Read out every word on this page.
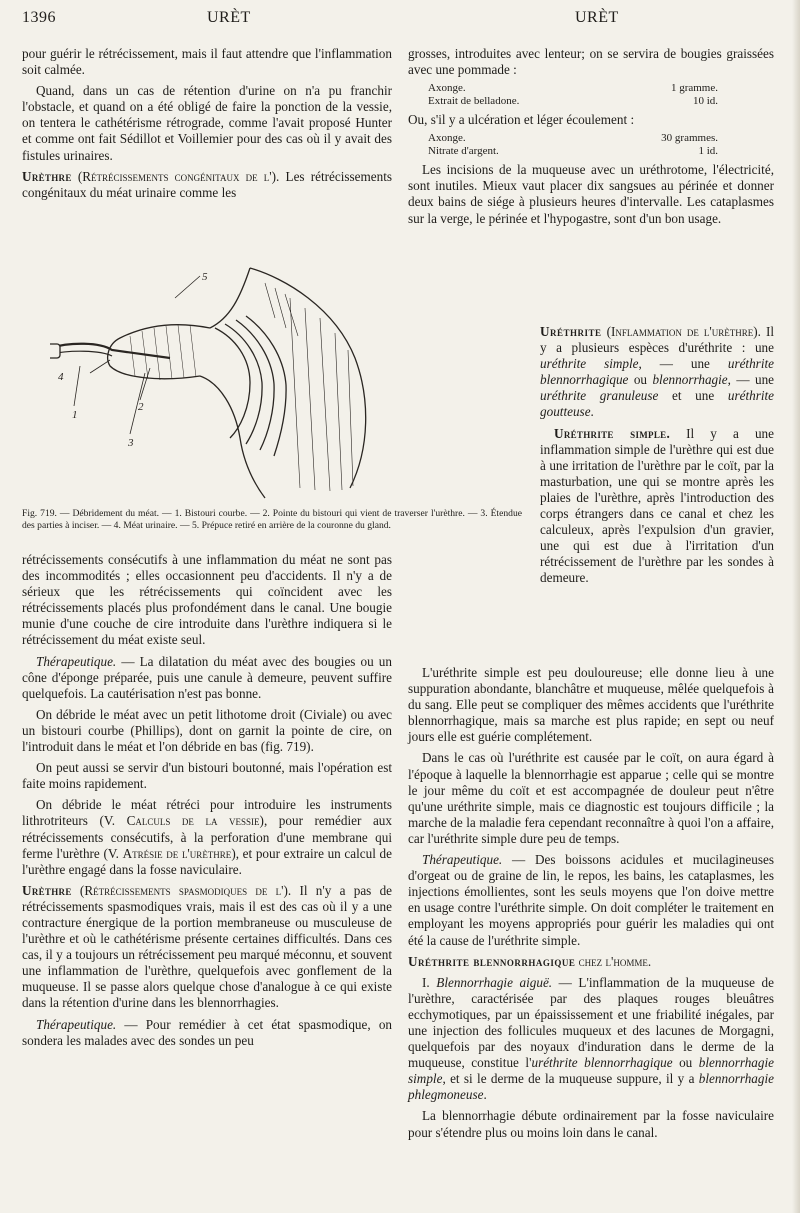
1396	URÈT	URÈT

pour guérir le rétrécissement, mais il faut attendre que l'inflammation soit calmée.

Quand, dans un cas de rétention d'urine on n'a pu franchir l'obstacle, et quand on a été obligé de faire la ponction de la vessie, on tentera le cathétérisme rétrograde, comme l'avait proposé Hunter et comme ont fait Sédillot et Voillemier pour des cas où il y avait des fistules urinaires.

Urèthre (Rétrécissements congénitaux de l'). Les rétrécissements congénitaux du méat urinaire comme les

1
2
3
4
5
Fig. 719. — Débridement du méat. — 1. Bistouri courbe. — 2. Pointe du bistouri qui vient de traverser l'urèthre. — 3. Étendue des parties à inciser. — 4. Méat urinaire. — 5. Prépuce retiré en arrière de la couronne du gland.

rétrécissements consécutifs à une inflammation du méat ne sont pas des incommodités ; elles occasionnent peu d'accidents. Il n'y a de sérieux que les rétrécissements qui coïncident avec les rétrécissements placés plus profondément dans le canal. Une bougie munie d'une couche de cire introduite dans l'urèthre indiquera si le rétrécissement du méat existe seul.

Thérapeutique. — La dilatation du méat avec des bougies ou un cône d'éponge préparée, puis une canule à demeure, peuvent suffire quelquefois. La cautérisation n'est pas bonne.

On débride le méat avec un petit lithotome droit (Civiale) ou avec un bistouri courbe (Phillips), dont on garnit la pointe de cire, on l'introduit dans le méat et l'on débride en bas (fig. 719).

On peut aussi se servir d'un bistouri boutonné, mais l'opération est faite moins rapidement.

On débride le méat rétréci pour introduire les instruments lithrotriteurs (V. Calculs de la vessie), pour remédier aux rétrécissements consécutifs, à la perforation d'une membrane qui ferme l'urèthre (V. Atrésie de l'urèthre), et pour extraire un calcul de l'urèthre engagé dans la fosse naviculaire.

Urèthre (Rétrécissements spasmodiques de l'). Il n'y a pas de rétrécissements spasmodiques vrais, mais il est des cas où il y a une contracture énergique de la portion membraneuse ou musculeuse de l'urèthre et où le cathétérisme présente certaines difficultés. Dans ces cas, il y a toujours un rétrécissement peu marqué méconnu, et souvent une inflammation de l'urèthre, quelquefois avec gonflement de la muqueuse. Il se passe alors quelque chose d'analogue à ce qui existe dans la rétention d'urine dans les blennorrhagies.

Thérapeutique. — Pour remédier à cet état spasmodique, on sondera les malades avec des sondes un peu

grosses, introduites avec lenteur; on se servira de bougies graissées avec une pommade :

Axonge.	1 gramme.
Extrait de belladone.	10 id.

Ou, s'il y a ulcération et léger écoulement :

Axonge.	30 grammes.
Nitrate d'argent.	1 id.

Les incisions de la muqueuse avec un uréthrotome, l'électricité, sont inutiles. Mieux vaut placer dix sangsues au périnée et donner deux bains de siége à plusieurs heures d'intervalle. Les cataplasmes sur la verge, le périnée et l'hypogastre, sont d'un bon usage.

Uréthrite (Inflammation de l'urèthre). Il y a plusieurs espèces d'uréthrite : une uréthrite simple, — une uréthrite blennorrhagique ou blennorrhagie, — une uréthrite granuleuse et une uréthrite goutteuse.

Uréthrite simple. Il y a une inflammation simple de l'urèthre qui est due à une irritation de l'urèthre par le coït, par la masturbation, une qui se montre après les plaies de l'urèthre, après l'introduction des corps étrangers dans ce canal et chez les calculeux, après l'expulsion d'un gravier, une qui est due à l'irritation d'un rétrécissement de l'urèthre par les sondes à demeure.

L'uréthrite simple est peu douloureuse; elle donne lieu à une suppuration abondante, blanchâtre et muqueuse, mêlée quelquefois à du sang. Elle peut se compliquer des mêmes accidents que l'uréthrite blennorrhagique, mais sa marche est plus rapide; en sept ou neuf jours elle est guérie complétement.

Dans le cas où l'uréthrite est causée par le coït, on aura égard à l'époque à laquelle la blennorrhagie est apparue ; celle qui se montre le jour même du coït et est accompagnée de douleur peut n'être qu'une uréthrite simple, mais ce diagnostic est toujours difficile ; la marche de la maladie fera cependant reconnaître à quoi l'on a affaire, car l'uréthrite simple dure peu de temps.

Thérapeutique. — Des boissons acidules et mucilagineuses d'orgeat ou de graine de lin, le repos, les bains, les cataplasmes, les injections émollientes, sont les seuls moyens que l'on doive mettre en usage contre l'uréthrite simple. On doit compléter le traitement en employant les moyens appropriés pour guérir les maladies qui ont été la cause de l'uréthrite simple.

Uréthrite blennorrhagique chez l'homme.

I. Blennorrhagie aiguë. — L'inflammation de la muqueuse de l'urèthre, caractérisée par des plaques rouges bleuâtres ecchymotiques, par un épaississement et une friabilité inégales, par une injection des follicules muqueux et des lacunes de Morgagni, quelquefois par des noyaux d'induration dans le derme de la muqueuse, constitue l'uréthrite blennorrhagique ou blennorrhagie simple, et si le derme de la muqueuse suppure, il y a blennorrhagie phlegmoneuse.

La blennorrhagie débute ordinairement par la fosse naviculaire pour s'étendre plus ou moins loin dans le canal.
